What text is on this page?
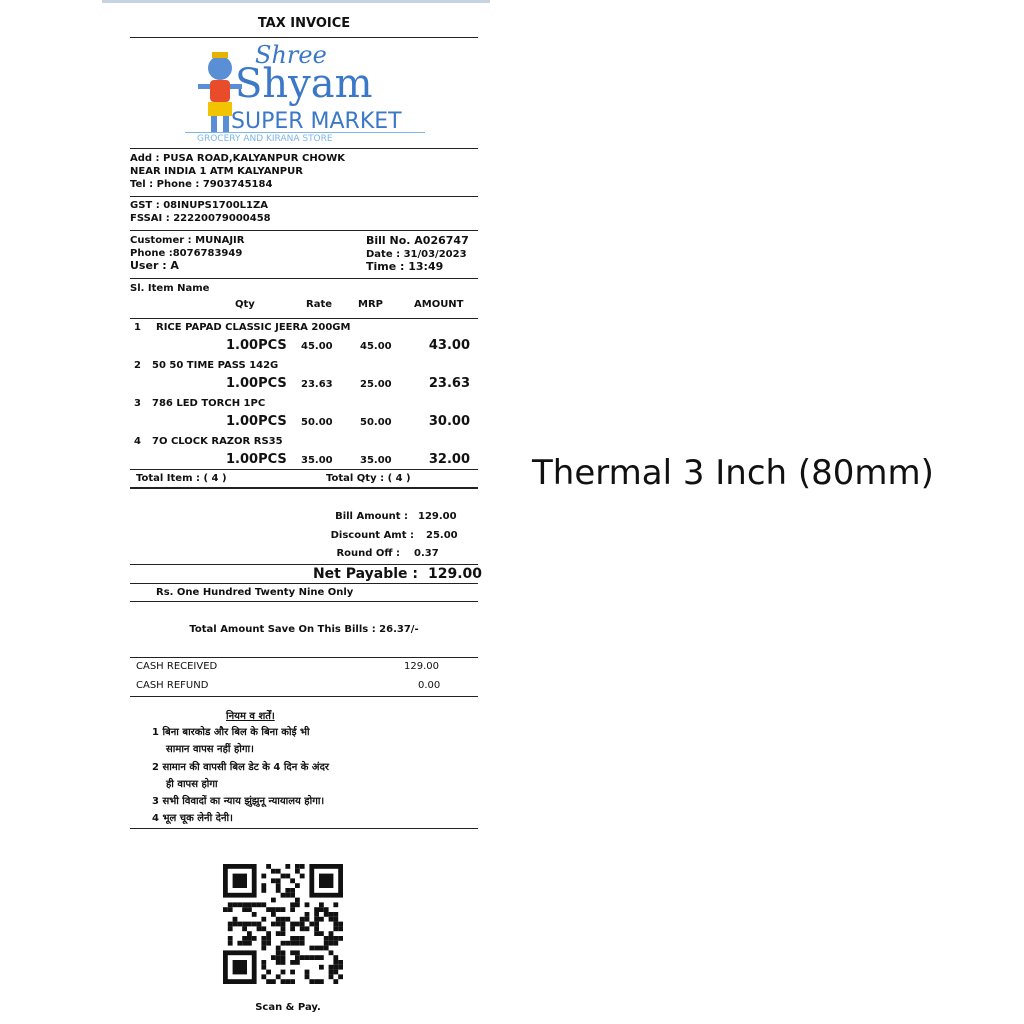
TAX INVOICE
Shree
Shyam
SUPER MARKET
GROCERY AND KIRANA STORE
Add : PUSA ROAD,KALYANPUR CHOWK
NEAR INDIA 1 ATM KALYANPUR
Tel : Phone : 7903745184
GST : 08INUPS1700L1ZA
FSSAI : 22220079000458
Customer : MUNAJIR
Phone :8076783949
User : A
Bill No. A026747
Date : 31/03/2023
Time : 13:49
Sl. Item Name
Qty	Rate	MRP	AMOUNT
1 RICE PAPAD CLASSIC JEERA 200GM
1.00PCS 45.00	45.00	43.00
2 50 50 TIME PASS 142G
1.00PCS 23.63	25.00	23.63
3 786 LED TORCH 1PC
1.00PCS 50.00	50.00	30.00
4 7O CLOCK RAZOR RS35
1.00PCS 35.00	35.00	32.00
Total Item : ( 4 )	Total Qty : ( 4 )
Bill Amount : 129.00
Discount Amt : 25.00
Round Off : 0.37
Net Payable : 129.00
Rs. One Hundred Twenty Nine Only
Total Amount Save On This Bills : 26.37/-
CASH RECEIVED	129.00
CASH REFUND	0.00
नियम व शर्तें।
1 बिना बारकोड और बिल के बिना कोई भी
सामान वापस नहीं होगा।
2 सामान की वापसी बिल डेट के 4 दिन के अंदर
ही वापस होगा
3 सभी विवादों का न्याय झुंझुनू न्यायालय होगा।
4 भूल चूक लेनी देनी।
Scan & Pay.
Thermal 3 Inch (80mm)
